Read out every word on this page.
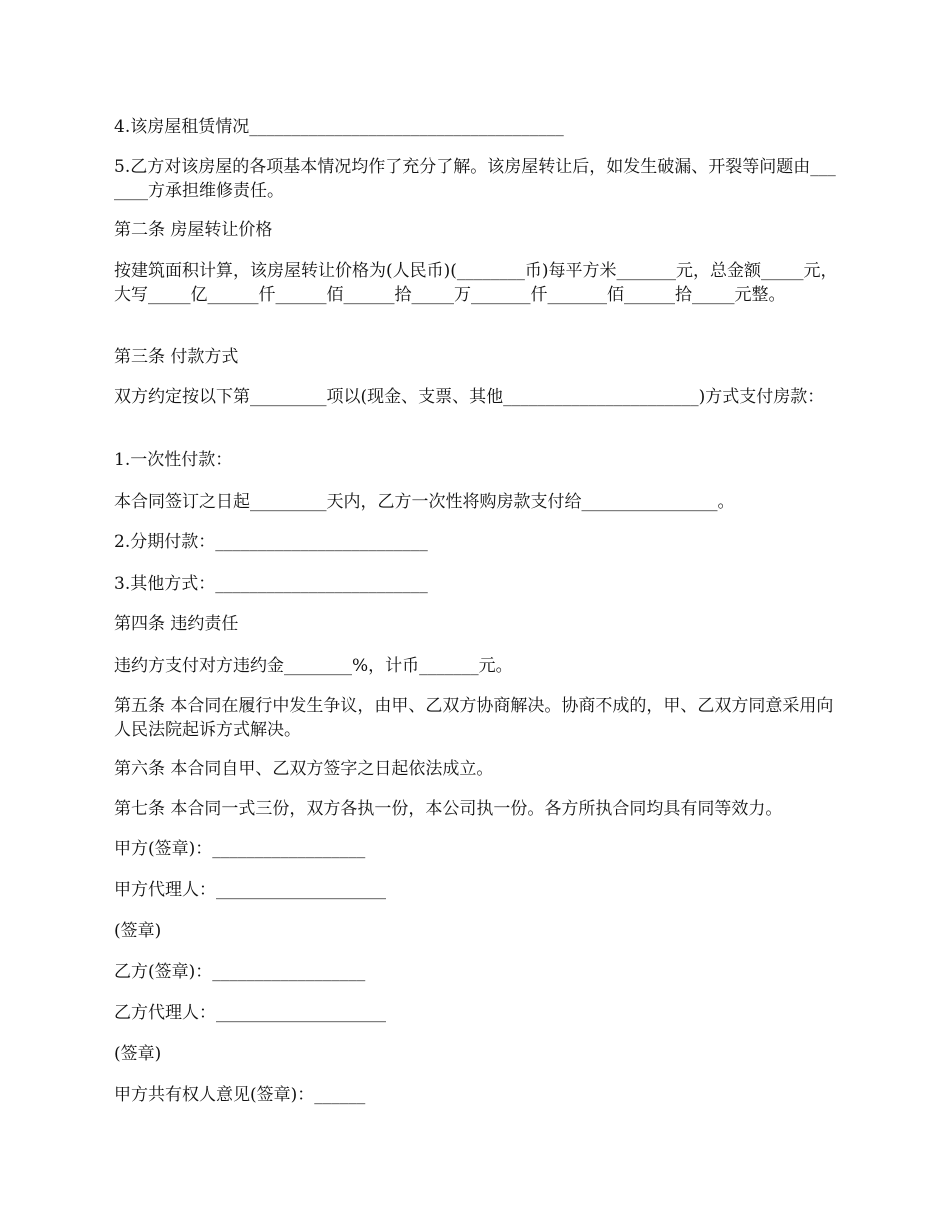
4.该房屋租赁情况_____________________________________

5.乙方对该房屋的各项基本情况均作了充分了解。该房屋转让后，如发生破漏、开裂等问题由_______方承担维修责任。

第二条 房屋转让价格

按建筑面积计算，该房屋转让价格为(人民币)(________币)每平方米_______元，总金额_____元，大写_____亿______仟______佰______拾_____万_______仟_______佰______拾_____元整。

第三条 付款方式

双方约定按以下第_________项以(现金、支票、其他_______________________)方式支付房款：

1.一次性付款：

本合同签订之日起_________天内，乙方一次性将购房款支付给________________。

2.分期付款：_________________________

3.其他方式：_________________________

第四条 违约责任

违约方支付对方违约金________%，计币_______元。

第五条 本合同在履行中发生争议，由甲、乙双方协商解决。协商不成的，甲、乙双方同意采用向人民法院起诉方式解决。

第六条 本合同自甲、乙双方签字之日起依法成立。

第七条 本合同一式三份，双方各执一份，本公司执一份。各方所执合同均具有同等效力。

甲方(签章)：__________________

甲方代理人：____________________

(签章)

乙方(签章)：__________________

乙方代理人：____________________

(签章)

甲方共有权人意见(签章)：______
